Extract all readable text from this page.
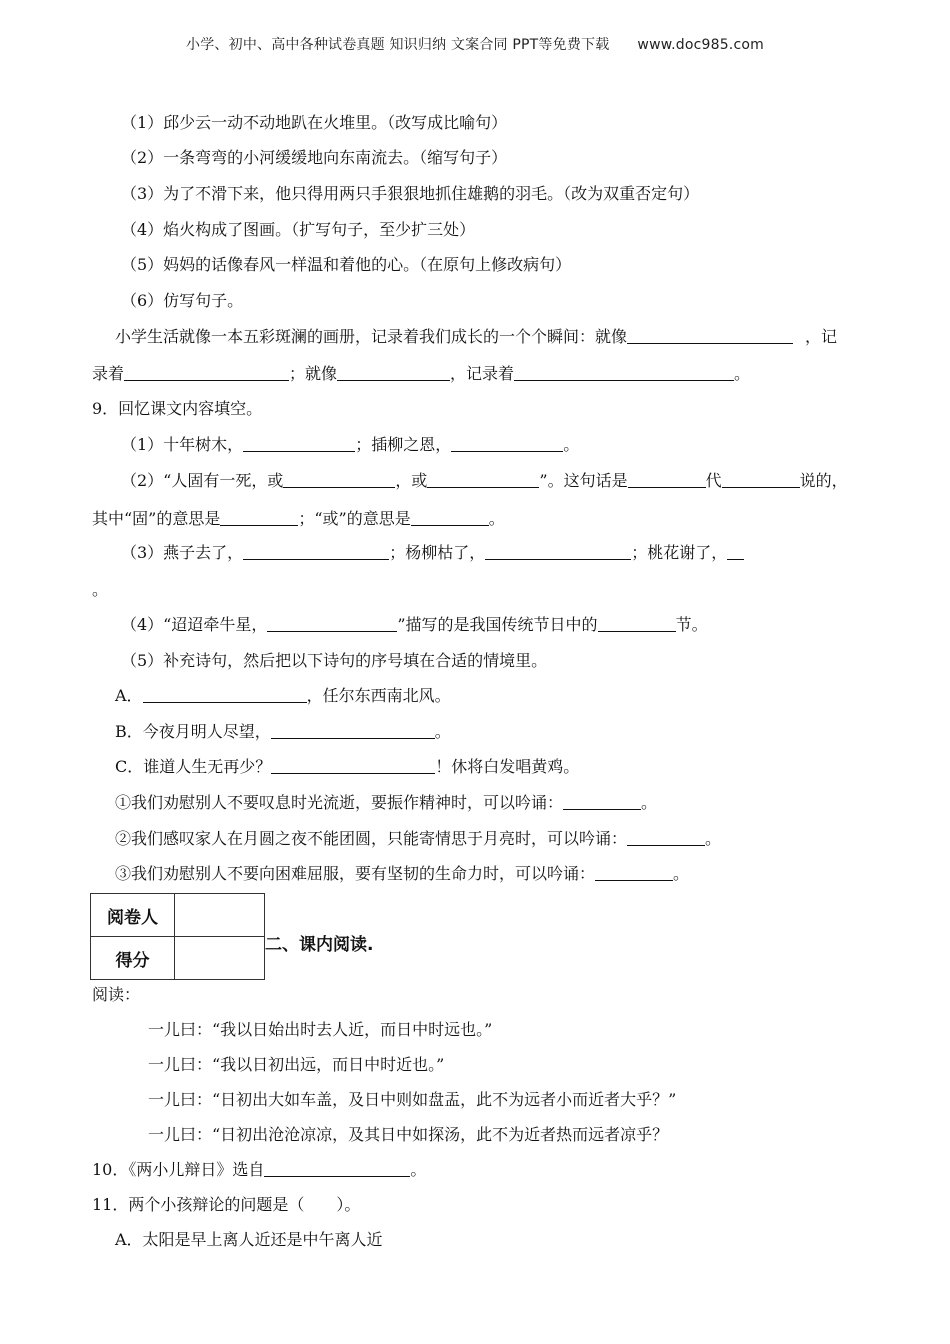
小学、初中、高中各种试卷真题 知识归纳 文案合同 PPT等免费下载 www.doc985.com
（1）邱少云一动不动地趴在火堆里。（改写成比喻句）
（2）一条弯弯的小河缓缓地向东南流去。（缩写句子）
（3）为了不滑下来，他只得用两只手狠狠地抓住雄鹅的羽毛。（改为双重否定句）
（4）焰火构成了图画。（扩写句子，至少扩三处）
（5）妈妈的话像春风一样温和着他的心。（在原句上修改病句）
（6）仿写句子。
小学生活就像一本五彩斑澜的画册，记录着我们成长的一个个瞬间：就像	，记
录着	；就像	，记录着	。
9．回忆课文内容填空。
（1）十年树木，	；插柳之恩，	。
（2）“人固有一死，或	，或	”。这句话是	代	说的，
其中“固”的意思是	；“或”的意思是	。
（3）燕子去了，	；杨柳枯了，	；桃花谢了，
。
（4）“迢迢牵牛星，	”描写的是我国传统节日中的	节。
（5）补充诗句，然后把以下诗句的序号填在合适的情境里。
A．	，任尔东西南北风。
B．今夜月明人尽望，	。
C．谁道人生无再少？	！休将白发唱黄鸡。
①我们劝慰别人不要叹息时光流逝，要振作精神时，可以吟诵：	。
②我们感叹家人在月圆之夜不能团圆，只能寄情思于月亮时，可以吟诵：	。
③我们劝慰别人不要向困难屈服，要有坚韧的生命力时，可以吟诵：	。
阅卷人	
得分	
二、课内阅读.
阅读：
一儿曰：“我以日始出时去人近，而日中时远也。”
一儿曰：“我以日初出远，而日中时近也。”
一儿曰：“日初出大如车盖，及日中则如盘盂，此不为远者小而近者大乎？”
一儿曰：“日初出沧沧凉凉，及其日中如探汤，此不为近者热而远者凉乎？
10．《两小儿辩日》选自	。
11．两个小孩辩论的问题是（　　）。
A．太阳是早上离人近还是中午离人近
